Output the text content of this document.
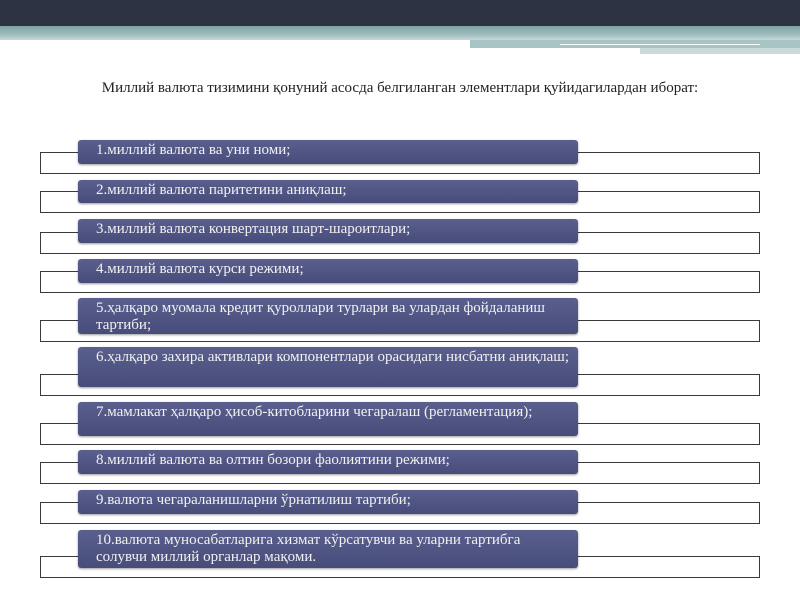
Миллий валюта тизимини қонуний асосда белгиланган элементлари қуйидагилардан иборат:
1.миллий валюта ва уни номи;
2.миллий валюта паритетини аниқлаш;
3.миллий валюта конвертация шарт-шароитлари;
4.миллий валюта курси режими;
5.ҳалқаро муомала кредит қуроллари турлари ва улардан фойдаланиш тартиби;
6.ҳалқаро захира активлари компонентлари орасидаги нисбатни аниқлаш;
7.мамлакат ҳалқаро ҳисоб-китобларини чегаралаш (регламентация);
8.миллий валюта ва олтин бозори фаолиятини режими;
9.валюта чегараланишларни ўрнатилиш тартиби;
10.валюта муносабатларига хизмат кўрсатувчи ва уларни тартибга солувчи миллий органлар мақоми.
